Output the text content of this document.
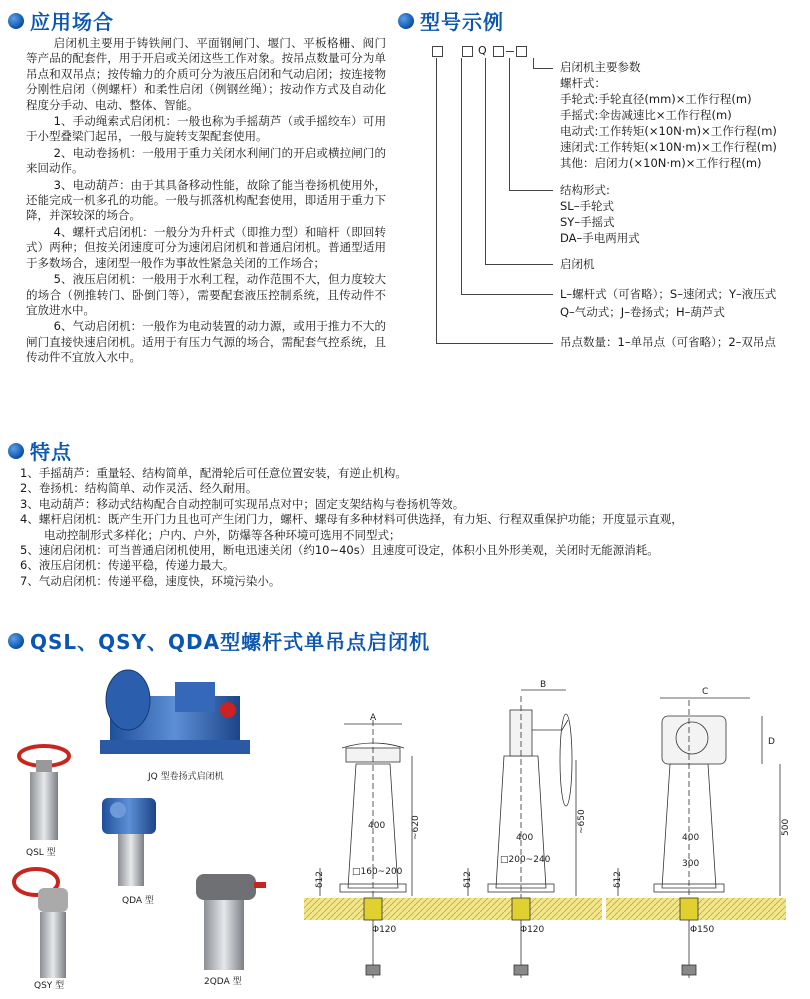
应用场合

启闭机主要用于铸铁闸门、平面钢闸门、堰门、平板格栅、阀门等产品的配套件，用于开启或关闭这些工作对象。按吊点数量可分为单吊点和双吊点；按传输力的介质可分为液压启闭和气动启闭；按连接物分刚性启闭（例螺杆）和柔性启闭（例钢丝绳）；按动作方式及自动化程度分手动、电动、整体、智能。

1、手动绳索式启闭机：一般也称为手摇葫芦（或手摇绞车）可用于小型叠梁门起吊，一般与旋转支架配套使用。

2、电动卷扬机：一般用于重力关闭水利闸门的开启或横拉闸门的来回动作。

3、电动葫芦：由于其具备移动性能，故除了能当卷扬机使用外，还能完成一机多孔的功能。一般与抓落机构配套使用，即适用于重力下降，并深较深的场合。

4、螺杆式启闭机：一般分为升杆式（即推力型）和暗杆（即回转式）两种；但按关闭速度可分为速闭启闭机和普通启闭机。普通型适用于多数场合，速闭型一般作为事故性紧急关闭的工作场合；

5、液压启闭机：一般用于水利工程，动作范围不大，但力度较大的场合（例推转门、卧倒门等），需要配套液压控制系统，且传动件不宜放进水中。

6、气动启闭机：一般作为电动装置的动力源，或用于推力不大的闸门直接快速启闭机。适用于有压力气源的场合，需配套气控系统，且传动件不宜放入水中。

型号示例
Q
启闭机主要参数
螺杆式：
手轮式:手轮直径(mm)×工作行程(m)
手摇式:伞齿减速比×工作行程(m)
电动式:工作转矩(×10N·m)×工作行程(m)
速闭式:工作转矩(×10N·m)×工作行程(m)
其他：启闭力(×10N·m)×工作行程(m)
结构形式:
SL–手轮式
SY–手摇式
DA–手电两用式
启闭机
L–螺杆式（可省略）；S–速闭式；Y–液压式
Q–气动式；J–卷扬式；H–葫芦式
吊点数量：1–单吊点（可省略）；2–双吊点
特点
1、手摇葫芦：重量轻、结构简单，配滑轮后可任意位置安装，有逆止机构。
2、卷扬机：结构简单、动作灵活、经久耐用。
3、电动葫芦：移动式结构配合自动控制可实现吊点对中；固定支架结构与卷扬机等效。
4、螺杆启闭机：既产生开门力且也可产生闭门力，螺杆、螺母有多种材料可供选择，有力矩、行程双重保护功能；开度显示直观，
电动控制形式多样化；户内、户外，防爆等各种环境可选用不同型式；
5、速闭启闭机：可当普通启闭机使用，断电迅速关闭（约10~40s）且速度可设定，体积小且外形美观，关闭时无能源消耗。
6、液压启闭机：传递平稳，传递力最大。
7、气动启闭机：传递平稳，速度快，环境污染小。
QSL、QSY、QDA型螺杆式单吊点启闭机
JQ 型卷扬式启闭机
QSL 型
QDA 型
QSY 型	2QDA 型
A
~620
400
□160~200
Φ120
δ12
B
~650
400
□200~240
Φ120
δ12
C
D
500
400
300
Φ150
δ12
